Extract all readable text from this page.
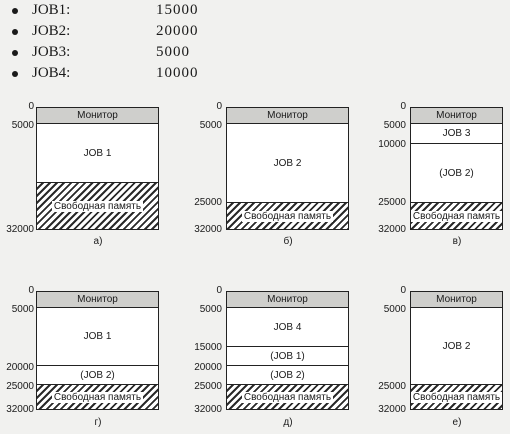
JOB1:	15000
JOB2:	20000
JOB3:	5000
JOB4:	10000
Монитор
JOB 1
Свободная память
0
5000
32000
а)
Монитор
JOB 2
Свободная память
0
5000
25000
32000
б)
Монитор
JOB 3
(JOB 2)
Свободная память
0
5000
10000
25000
32000
в)
Монитор
JOB 1
(JOB 2)
Свободная память
0
5000
20000
25000
32000
г)
Монитор
JOB 4
(JOB 1)
(JOB 2)
Свободная память
0
5000
15000
20000
25000
32000
д)
Монитор
JOB 2
Свободная память
0
5000
25000
32000
е)
